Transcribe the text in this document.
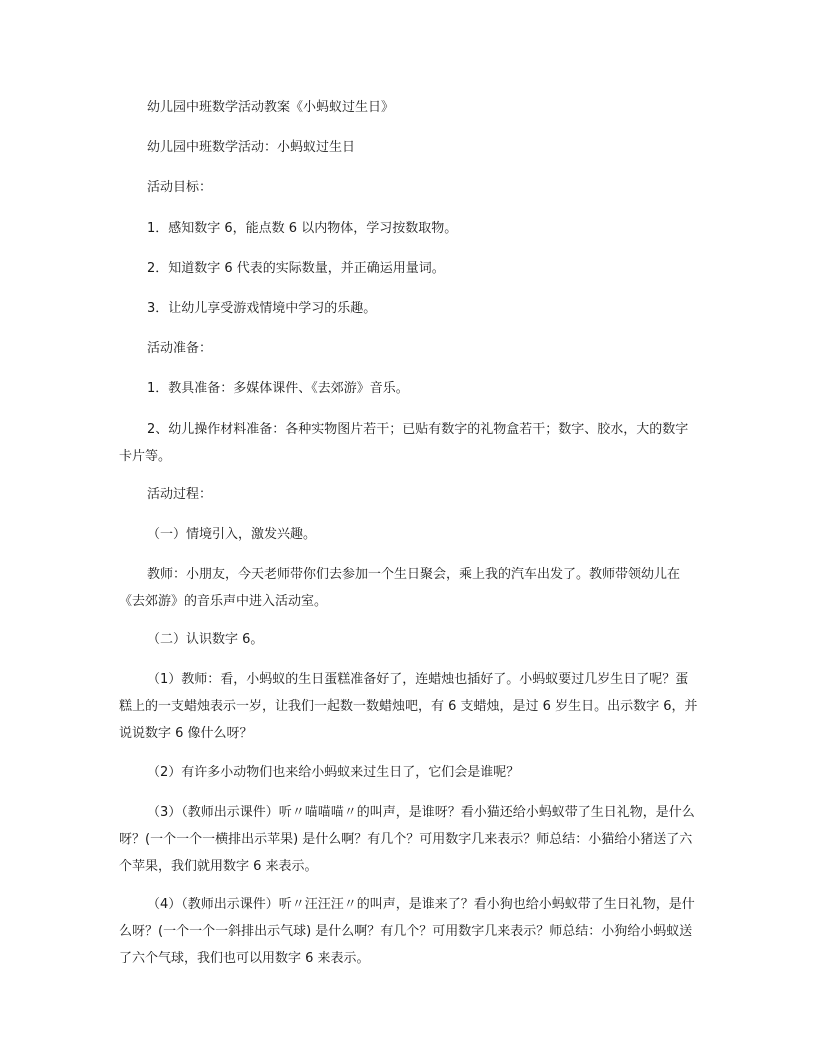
幼儿园中班数学活动教案《小蚂蚁过生日》

幼儿园中班数学活动：小蚂蚁过生日

活动目标：

1．感知数字 6，能点数 6 以内物体，学习按数取物。

2．知道数字 6 代表的实际数量，并正确运用量词。

3．让幼儿享受游戏情境中学习的乐趣。

活动准备：

1．教具准备：多媒体课件、《去郊游》音乐。

2、幼儿操作材料准备：各种实物图片若干；已贴有数字的礼物盒若干；数字、胶水，大的数字卡片等。

活动过程：

（一）情境引入，激发兴趣。

教师：小朋友，今天老师带你们去参加一个生日聚会，乘上我的汽车出发了。教师带领幼儿在《去郊游》的音乐声中进入活动室。

（二）认识数字 6。

（1）教师：看，小蚂蚁的生日蛋糕准备好了，连蜡烛也插好了。小蚂蚁要过几岁生日了呢？蛋糕上的一支蜡烛表示一岁，让我们一起数一数蜡烛吧，有 6 支蜡烛，是过 6 岁生日。出示数字 6，并说说数字 6 像什么呀？

（2）有许多小动物们也来给小蚂蚁来过生日了，它们会是谁呢？

（3）（教师出示课件）听〃喵喵喵〃的叫声，是谁呀？看小猫还给小蚂蚁带了生日礼物，是什么呀？(一个一个一横排出示苹果) 是什么啊？有几个？可用数字几来表示？师总结：小猫给小猪送了六个苹果，我们就用数字 6 来表示。

（4）（教师出示课件）听〃汪汪汪〃的叫声，是谁来了？看小狗也给小蚂蚁带了生日礼物，是什么呀？(一个一个一斜排出示气球) 是什么啊？有几个？可用数字几来表示？师总结：小狗给小蚂蚁送了六个气球，我们也可以用数字 6 来表示。
